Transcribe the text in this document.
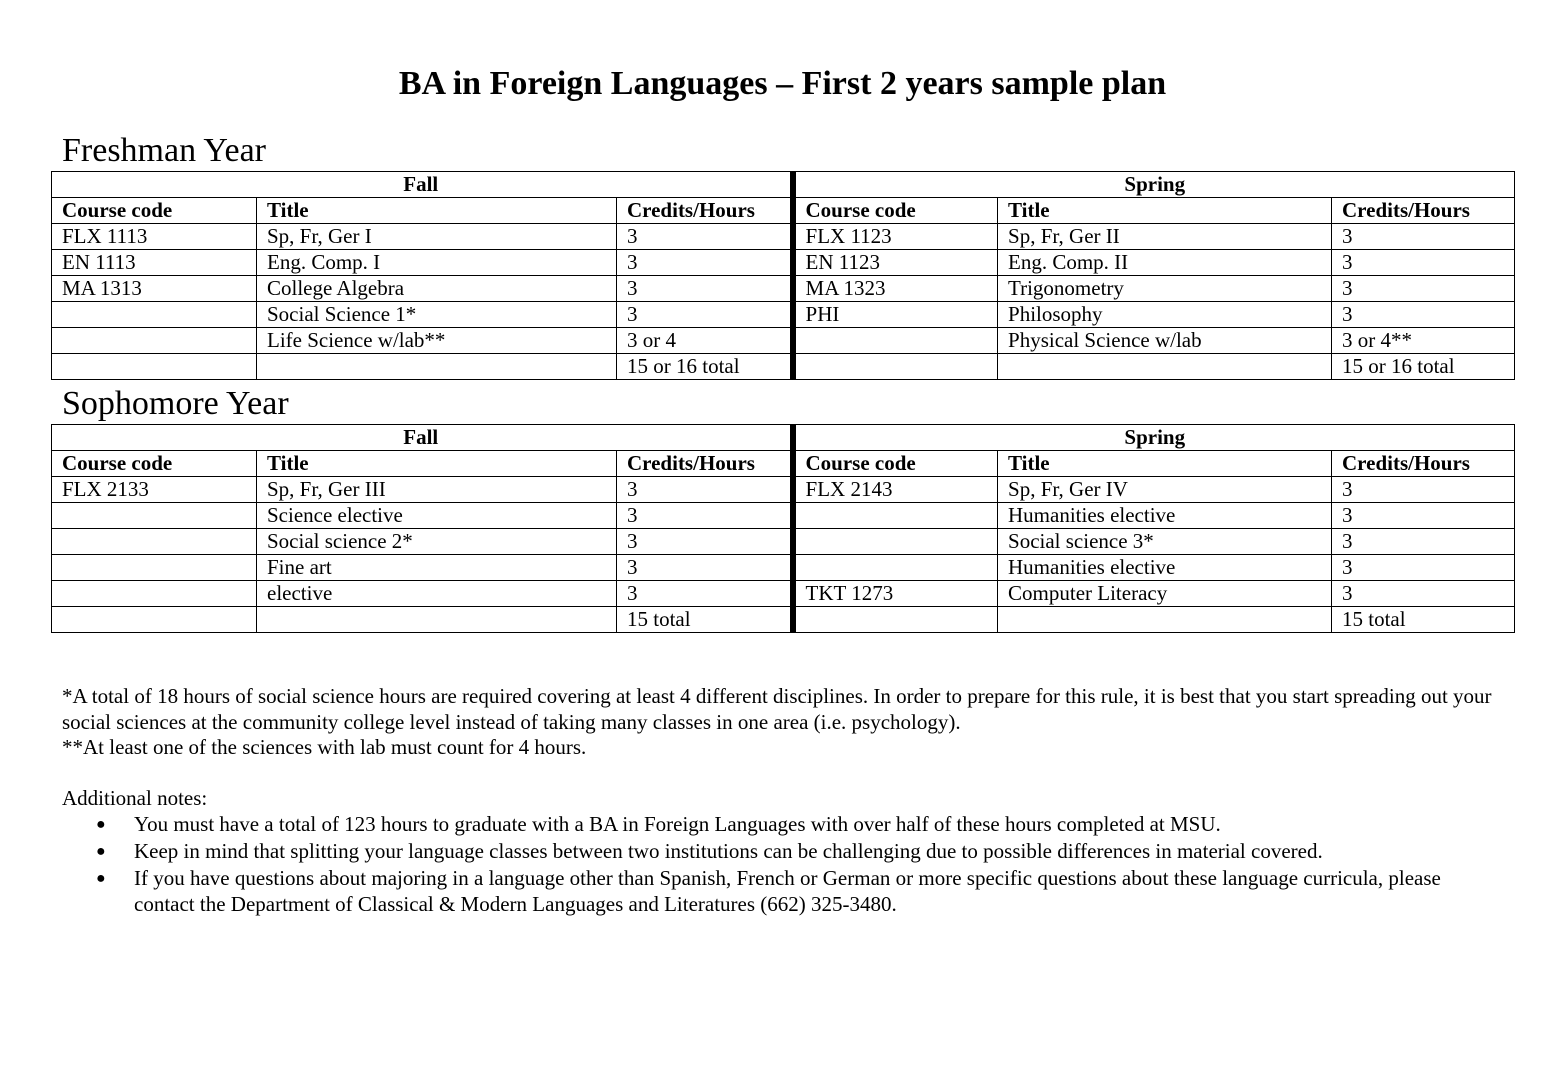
BA in Foreign Languages – First 2 years sample plan
Freshman Year
Fall			Spring		
Course code	Title	Credits/Hours	Course code	Title	Credits/Hours
FLX 1113	Sp, Fr, Ger I	3	FLX 1123	Sp, Fr, Ger II	3
EN 1113	Eng. Comp. I	3	EN 1123	Eng. Comp. II	3
MA 1313	College Algebra	3	MA 1323	Trigonometry	3
	Social Science 1*	3	PHI	Philosophy	3
	Life Science w/lab**	3 or 4		Physical Science w/lab	3 or 4**
		15 or 16 total			15 or 16 total
Sophomore Year
Fall			Spring		
Course code	Title	Credits/Hours	Course code	Title	Credits/Hours
FLX 2133	Sp, Fr, Ger III	3	FLX 2143	Sp, Fr, Ger IV	3
	Science elective	3		Humanities elective	3
	Social science 2*	3		Social science 3*	3
	Fine art	3		Humanities elective	3
	elective	3	TKT 1273	Computer Literacy	3
		15 total			15 total

*A total of 18 hours of social science hours are required covering at least 4 different disciplines. In order to prepare for this rule, it is best that you start spreading out your social sciences at the community college level instead of taking many classes in one area (i.e. psychology).

**At least one of the sciences with lab must count for 4 hours.

Additional notes:

● You must have a total of 123 hours to graduate with a BA in Foreign Languages with over half of these hours completed at MSU.
● Keep in mind that splitting your language classes between two institutions can be challenging due to possible differences in material covered.
● If you have questions about majoring in a language other than Spanish, French or German or more specific questions about these language curricula, please contact the Department of Classical & Modern Languages and Literatures (662) 325-3480.
